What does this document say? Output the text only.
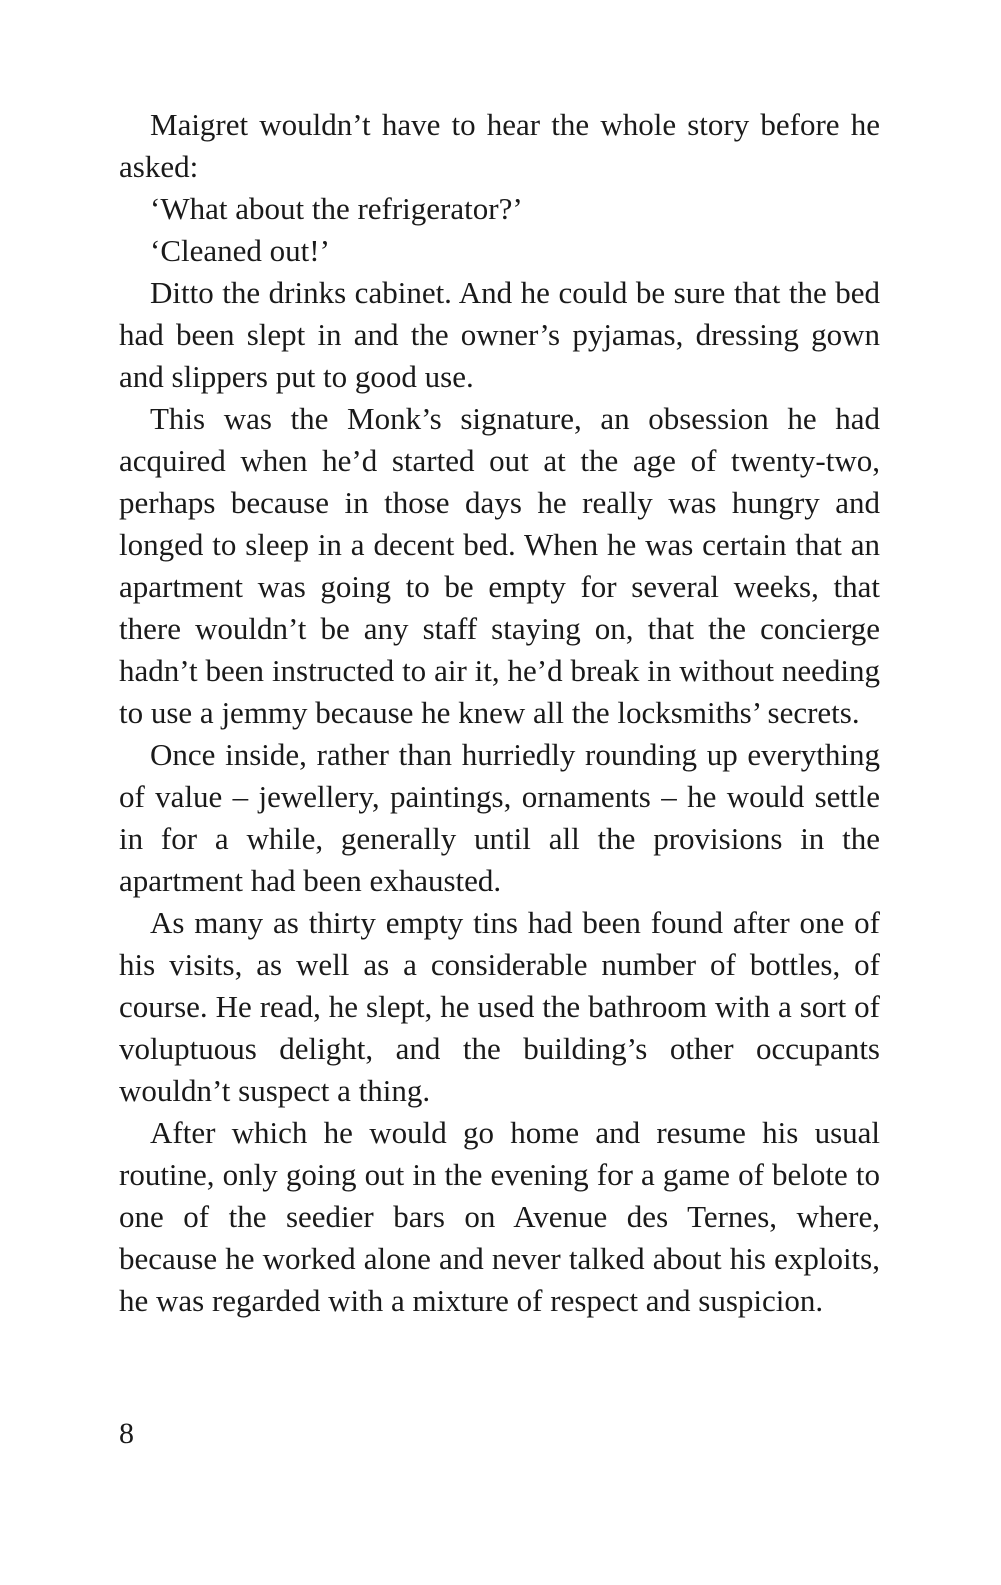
Maigret wouldn’t have to hear the whole story before he asked:

‘What about the refrigerator?’

‘Cleaned out!’

Ditto the drinks cabinet. And he could be sure that the bed had been slept in and the owner’s pyjamas, dressing gown and slippers put to good use.

This was the Monk’s signature, an obsession he had acquired when he’d started out at the age of twenty-two, perhaps because in those days he really was hungry and longed to sleep in a decent bed. When he was certain that an apartment was going to be empty for several weeks, that there wouldn’t be any staff staying on, that the concierge hadn’t been instructed to air it, he’d break in without needing to use a jemmy because he knew all the locksmiths’ secrets.

Once inside, rather than hurriedly rounding up everything of value – jewellery, paintings, ornaments – he would settle in for a while, generally until all the provisions in the apartment had been exhausted.

As many as thirty empty tins had been found after one of his visits, as well as a considerable number of bottles, of course. He read, he slept, he used the bathroom with a sort of voluptuous delight, and the building’s other occupants wouldn’t suspect a thing.

After which he would go home and resume his usual routine, only going out in the evening for a game of belote to one of the seedier bars on Avenue des Ternes, where, because he worked alone and never talked about his exploits, he was regarded with a mixture of respect and suspicion.

8
